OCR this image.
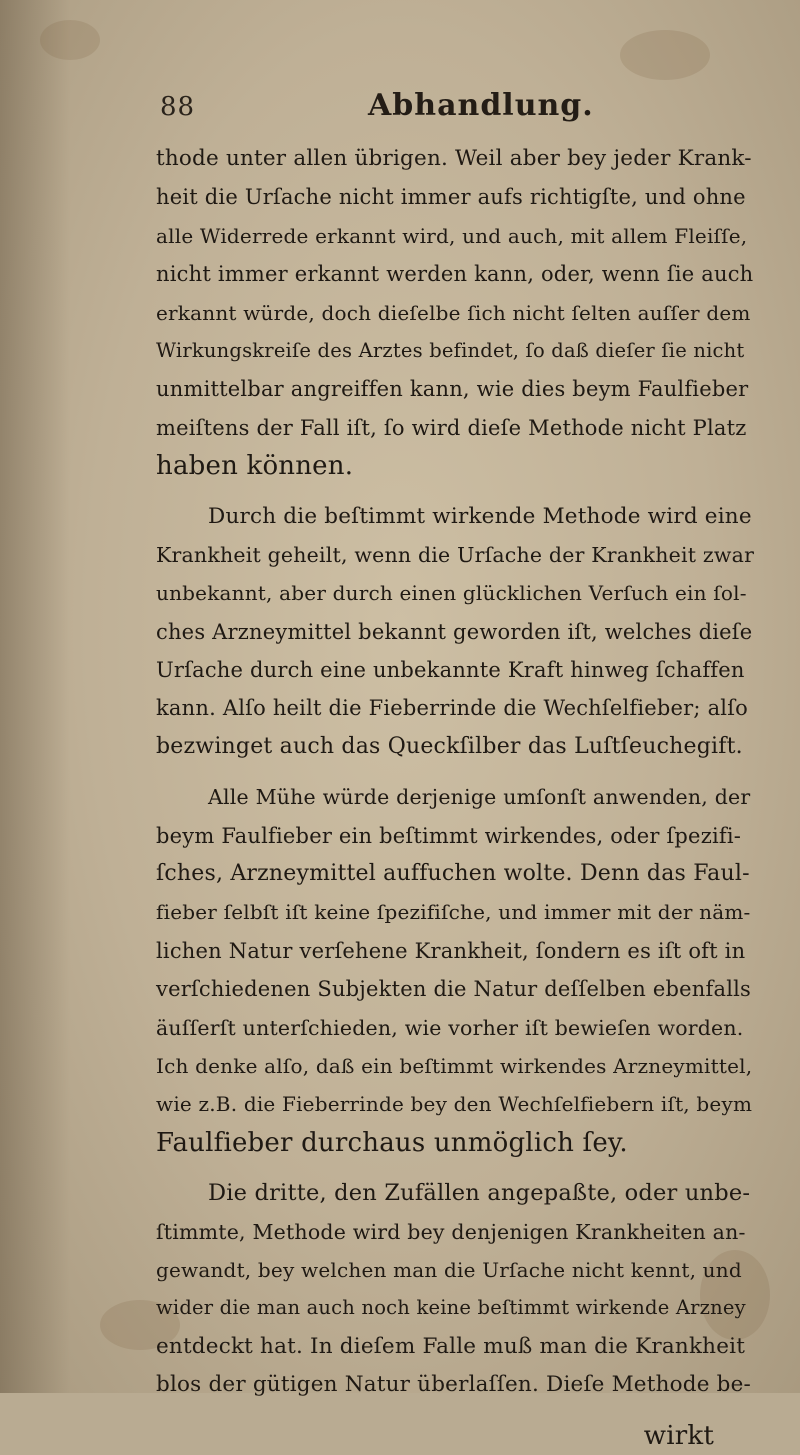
88	Abhandlung.
thode unter allen übrigen. Weil aber bey jeder Krank-
heit die Urſache nicht immer aufs richtigſte, und ohne
alle Widerrede erkannt wird, und auch, mit allem Fleiſſe,
nicht immer erkannt werden kann, oder, wenn ſie auch
erkannt würde, doch dieſelbe ſich nicht ſelten auſſer dem
Wirkungskreiſe des Arztes befindet, ſo daß dieſer ſie nicht
unmittelbar angreiffen kann, wie dies beym Faulfieber
meiſtens der Fall iſt, ſo wird dieſe Methode nicht Platz
haben können.
Durch die beſtimmt wirkende Methode wird eine
Krankheit geheilt, wenn die Urſache der Krankheit zwar
unbekannt, aber durch einen glücklichen Verſuch ein ſol-
ches Arzneymittel bekannt geworden iſt, welches dieſe
Urſache durch eine unbekannte Kraft hinweg ſchaffen
kann. Alſo heilt die Fieberrinde die Wechſelfieber; alſo
bezwinget auch das Queckſilber das Luſtſeuchegift.
Alle Mühe würde derjenige umſonſt anwenden, der
beym Faulfieber ein beſtimmt wirkendes, oder ſpezifi-
ſches, Arzneymittel auffuchen wolte. Denn das Faul-
fieber ſelbſt iſt keine ſpezifiſche, und immer mit der näm-
lichen Natur verſehene Krankheit, ſondern es iſt oft in
verſchiedenen Subjekten die Natur deſſelben ebenfalls
äuſſerſt unterſchieden, wie vorher iſt bewieſen worden.
Ich denke alſo, daß ein beſtimmt wirkendes Arzneymittel,
wie z.B. die Fieberrinde bey den Wechſelfiebern iſt, beym
Faulfieber durchaus unmöglich ſey.
Die dritte, den Zufällen angepaßte, oder unbe-
ſtimmte, Methode wird bey denjenigen Krankheiten an-
gewandt, bey welchen man die Urſache nicht kennt, und
wider die man auch noch keine beſtimmt wirkende Arzney
entdeckt hat. In dieſem Falle muß man die Krankheit
blos der gütigen Natur überlaſſen. Dieſe Methode be-
wirkt
